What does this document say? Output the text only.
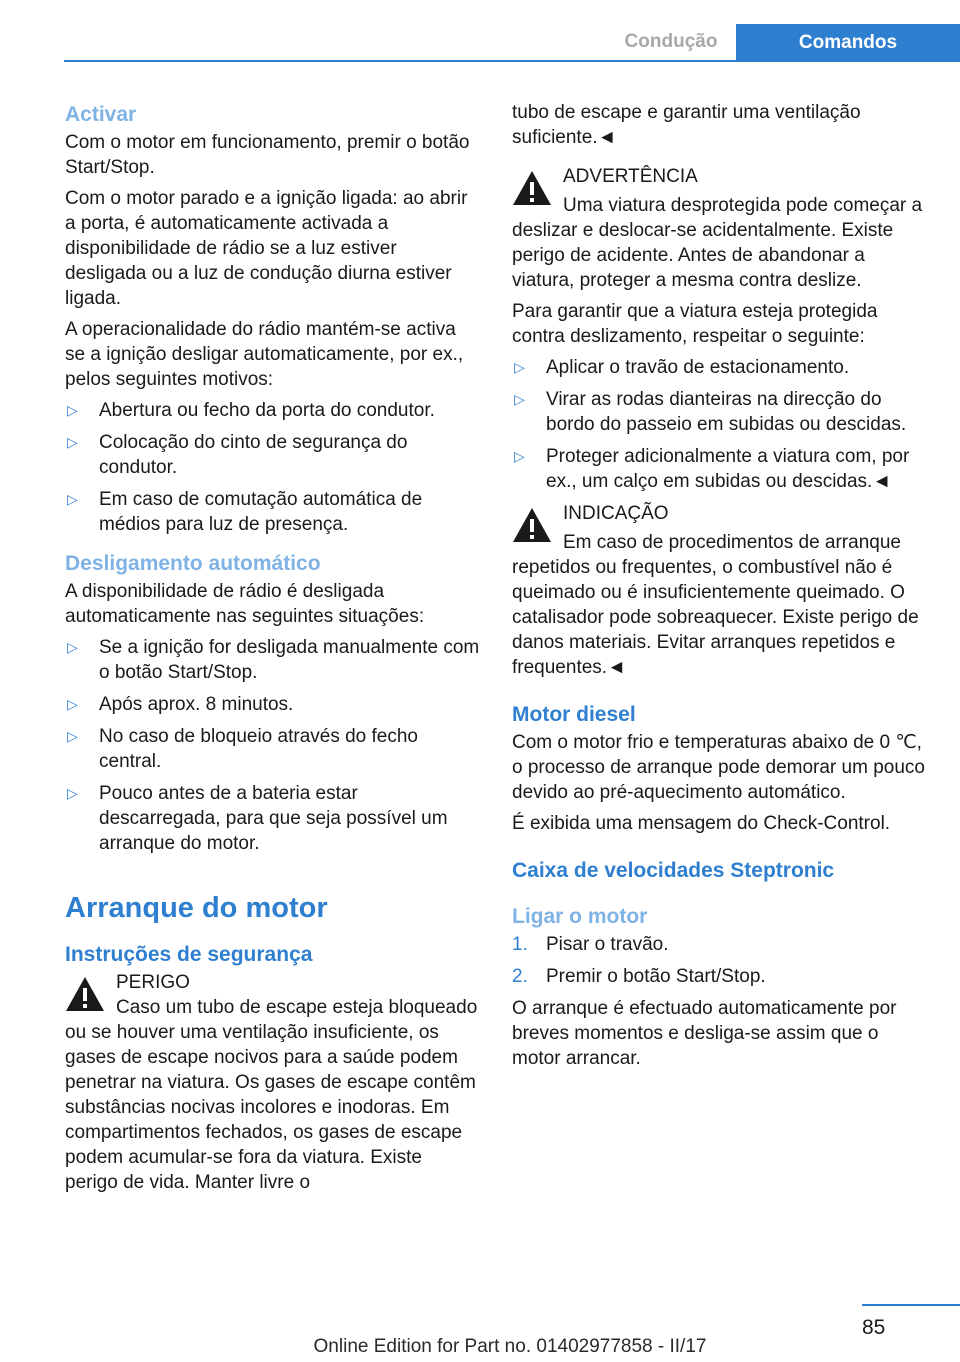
Condução	Comandos
Activar

Com o motor em funcionamento, premir o botão Start/Stop.

Com o motor parado e a ignição ligada: ao abrir a porta, é automaticamente activada a disponibilidade de rádio se a luz estiver desligada ou a luz de condução diurna estiver ligada.

A operacionalidade do rádio mantém-se activa se a ignição desligar automaticamente, por ex., pelos seguintes motivos:

▷ Abertura ou fecho da porta do condutor.
▷ Colocação do cinto de segurança do condutor.
▷ Em caso de comutação automática de médios para luz de presença.
Desligamento automático

A disponibilidade de rádio é desligada automaticamente nas seguintes situações:

▷ Se a ignição for desligada manualmente com o botão Start/Stop.
▷ Após aprox. 8 minutos.
▷ No caso de bloqueio através do fecho central.
▷ Pouco antes de a bateria estar descarregada, para que seja possível um arranque do motor.
Arranque do motor
Instruções de segurança
PERIGO
Caso um tubo de escape esteja bloqueado ou se houver uma ventilação insuficiente, os gases de escape nocivos para a saúde podem penetrar na viatura. Os gases de escape contêm substâncias nocivas incolores e inodoras. Em compartimentos fechados, os gases de escape podem acumular-se fora da viatura. Existe perigo de vida. Manter livre o

tubo de escape e garantir uma ventilação suficiente.◄

ADVERTÊNCIA
Uma viatura desprotegida pode começar a deslizar e deslocar-se acidentalmente. Existe perigo de acidente. Antes de abandonar a viatura, proteger a mesma contra deslize.

Para garantir que a viatura esteja protegida contra deslizamento, respeitar o seguinte:

▷ Aplicar o travão de estacionamento.
▷ Virar as rodas dianteiras na direcção do bordo do passeio em subidas ou descidas.
▷ Proteger adicionalmente a viatura com, por ex., um calço em subidas ou descidas.◄
INDICAÇÃO
Em caso de procedimentos de arranque repetidos ou frequentes, o combustível não é queimado ou é insuficientemente queimado. O catalisador pode sobreaquecer. Existe perigo de danos materiais. Evitar arranques repetidos e frequentes.◄
Motor diesel

Com o motor frio e temperaturas abaixo de 0 ℃, o processo de arranque pode demorar um pouco devido ao pré-aquecimento automático.

É exibida uma mensagem do Check-Control.

Caixa de velocidades Steptronic
Ligar o motor
1. Pisar o travão.
2. Premir o botão Start/Stop.

O arranque é efectuado automaticamente por breves momentos e desliga-se assim que o motor arrancar.

85
Online Edition for Part no. 01402977858 - II/17
